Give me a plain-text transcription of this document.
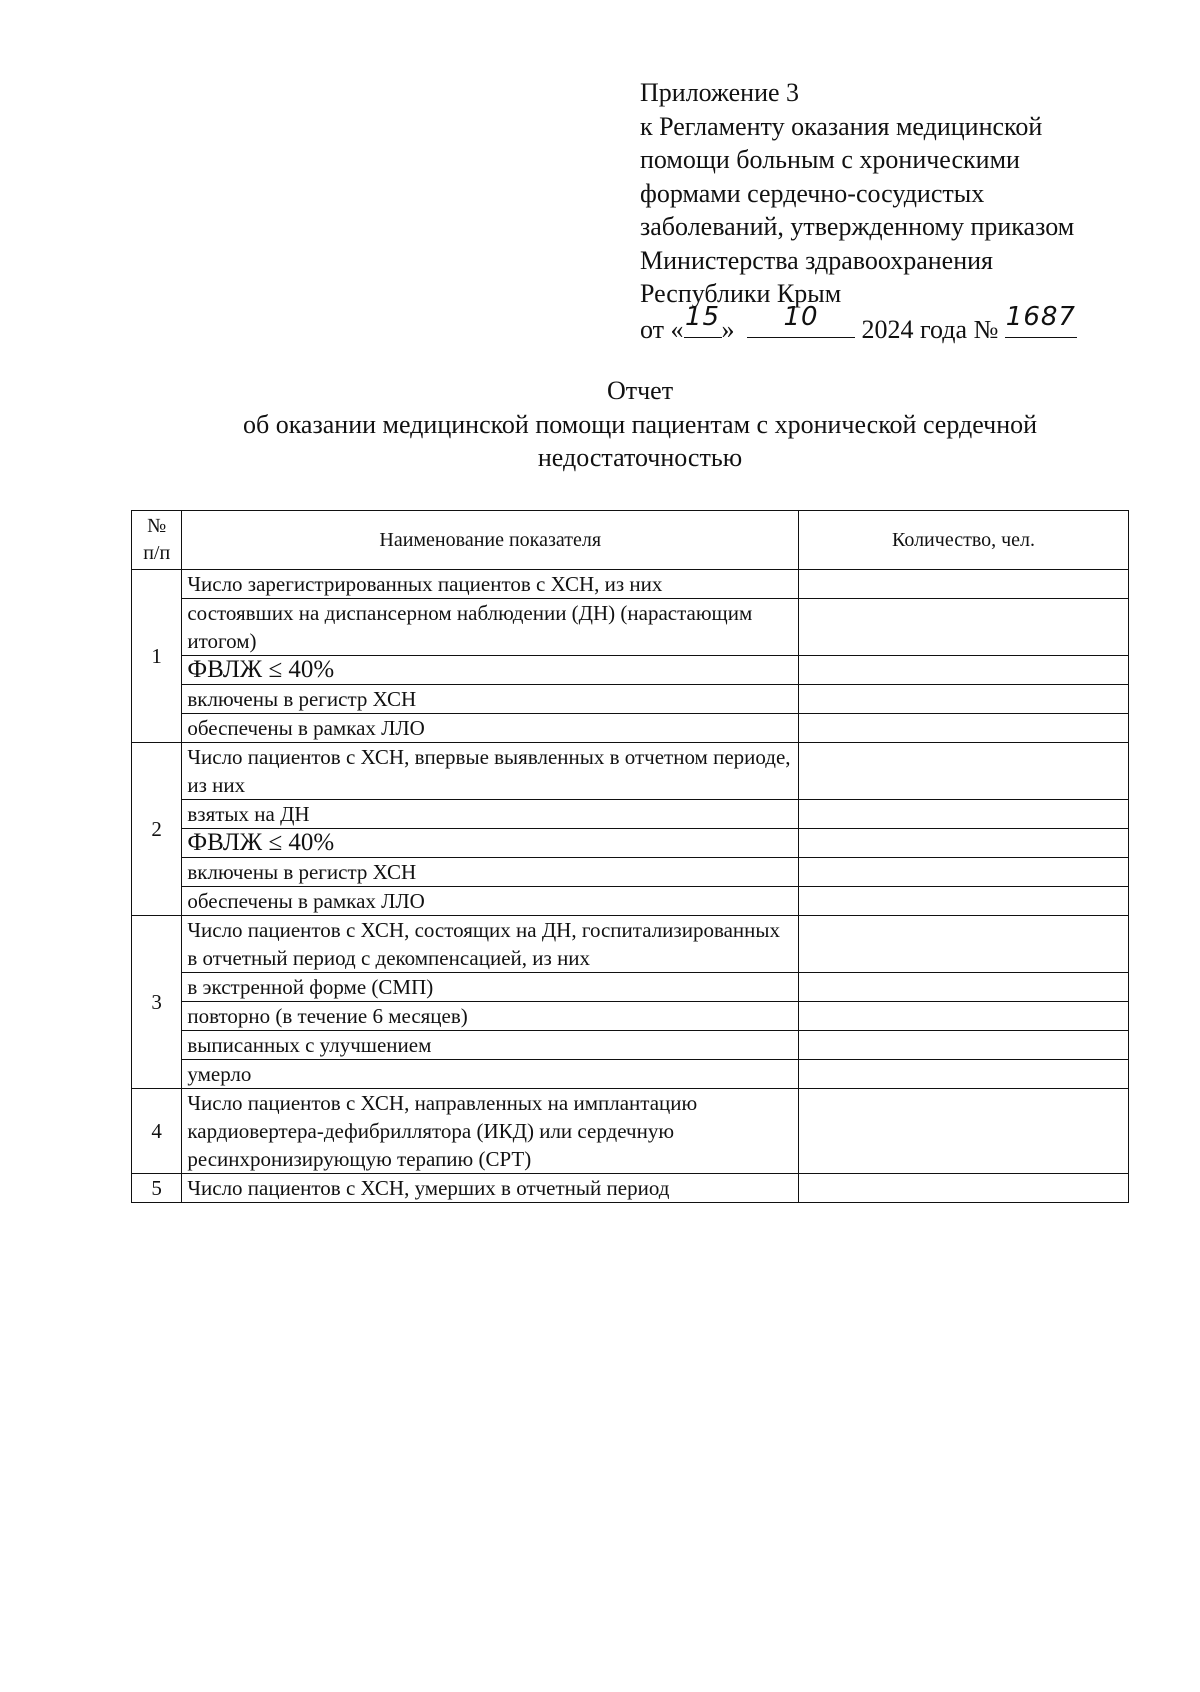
Приложение 3
к Регламенту оказания медицинской
помощи больным с хроническими
формами сердечно-сосудистых
заболеваний, утвержденному приказом
Министерства здравоохранения
Республики Крым
от « 15 »	10	2024 года № 1687
Отчет
об оказании медицинской помощи пациентам с хронической сердечной
недостаточностью
№ п/п	Наименование показателя	Количество, чел.
1	Число зарегистрированных пациентов с ХСН, из них	
	состоявших на диспансерном наблюдении (ДН) (нарастающим итогом)	
	ФВЛЖ ≤ 40%	
	включены в регистр ХСН	
	обеспечены в рамках ЛЛО	
2	Число пациентов с ХСН, впервые выявленных в отчетном периоде, из них	
	взятых на ДН	
	ФВЛЖ ≤ 40%	
	включены в регистр ХСН	
	обеспечены в рамках ЛЛО	
3	Число пациентов с ХСН, состоящих на ДН, госпитализированных в отчетный период с декомпенсацией, из них	
	в экстренной форме (СМП)	
	повторно (в течение 6 месяцев)	
	выписанных с улучшением	
	умерло	
4	Число пациентов с ХСН, направленных на имплантацию кардиовертера-дефибриллятора (ИКД) или сердечную ресинхронизирующую терапию (СРТ)	
5	Число пациентов с ХСН, умерших в отчетный период	
